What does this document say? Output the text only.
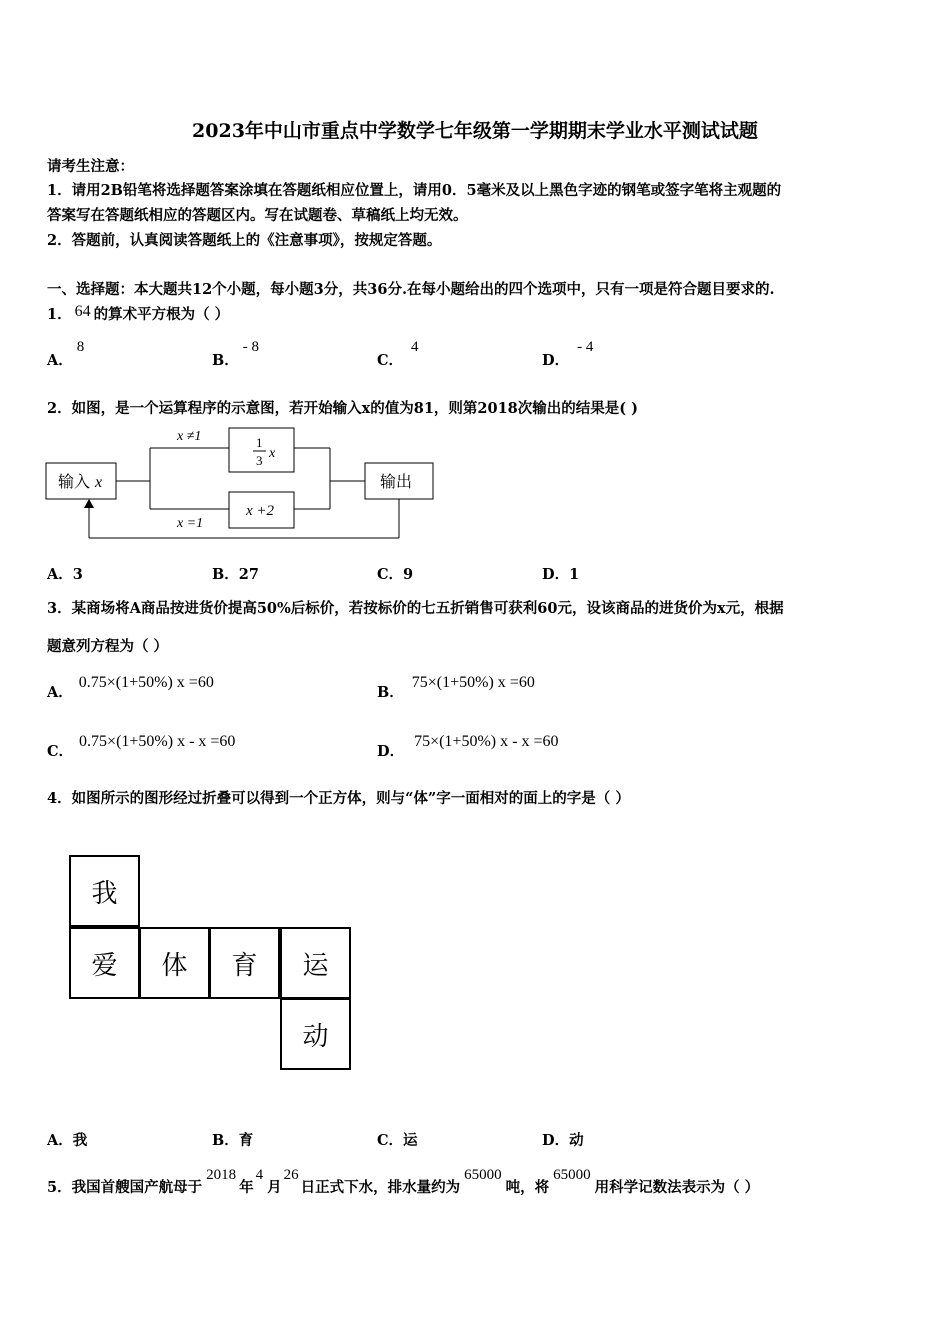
2023年中山市重点中学数学七年级第一学期期末学业水平测试试题
请考生注意：
1．请用2B铅笔将选择题答案涂填在答题纸相应位置上，请用0．5毫米及以上黑色字迹的钢笔或签字笔将主观题的
答案写在答题纸相应的答题区内。写在试题卷、草稿纸上均无效。
2．答题前，认真阅读答题纸上的《注意事项》，按规定答题。
一、选择题：本大题共12个小题，每小题3分，共36分.在每小题给出的四个选项中，只有一项是符合题目要求的.
1． 64 的算术平方根为（ ）
A．8
B．- 8
C．4
D．- 4
2．如图，是一个运算程序的示意图，若开始输入x的值为81，则第2018次输出的结果是( )
输入 x
x ≠1
x =1
1
3 x
x +2
输出
A．3	B．27	C．9	D．1
3．某商场将A商品按进货价提高50%后标价，若按标价的七五折销售可获利60元，设该商品的进货价为x元，根据
题意列方程为（ ）
A．0.75×(1+50%) x =60
B．75×(1+50%) x =60
C．0.75×(1+50%) x - x =60
D．75×(1+50%) x - x =60
4．如图所示的图形经过折叠可以得到一个正方体，则与“体”字一面相对的面上的字是（ ）
我
爱	体	育	运
动
A．我	B．育	C．运	D．动
5．我国首艘国产航母于2018年4月26日正式下水，排水量约为65000吨，将65000用科学记数法表示为（ ）
